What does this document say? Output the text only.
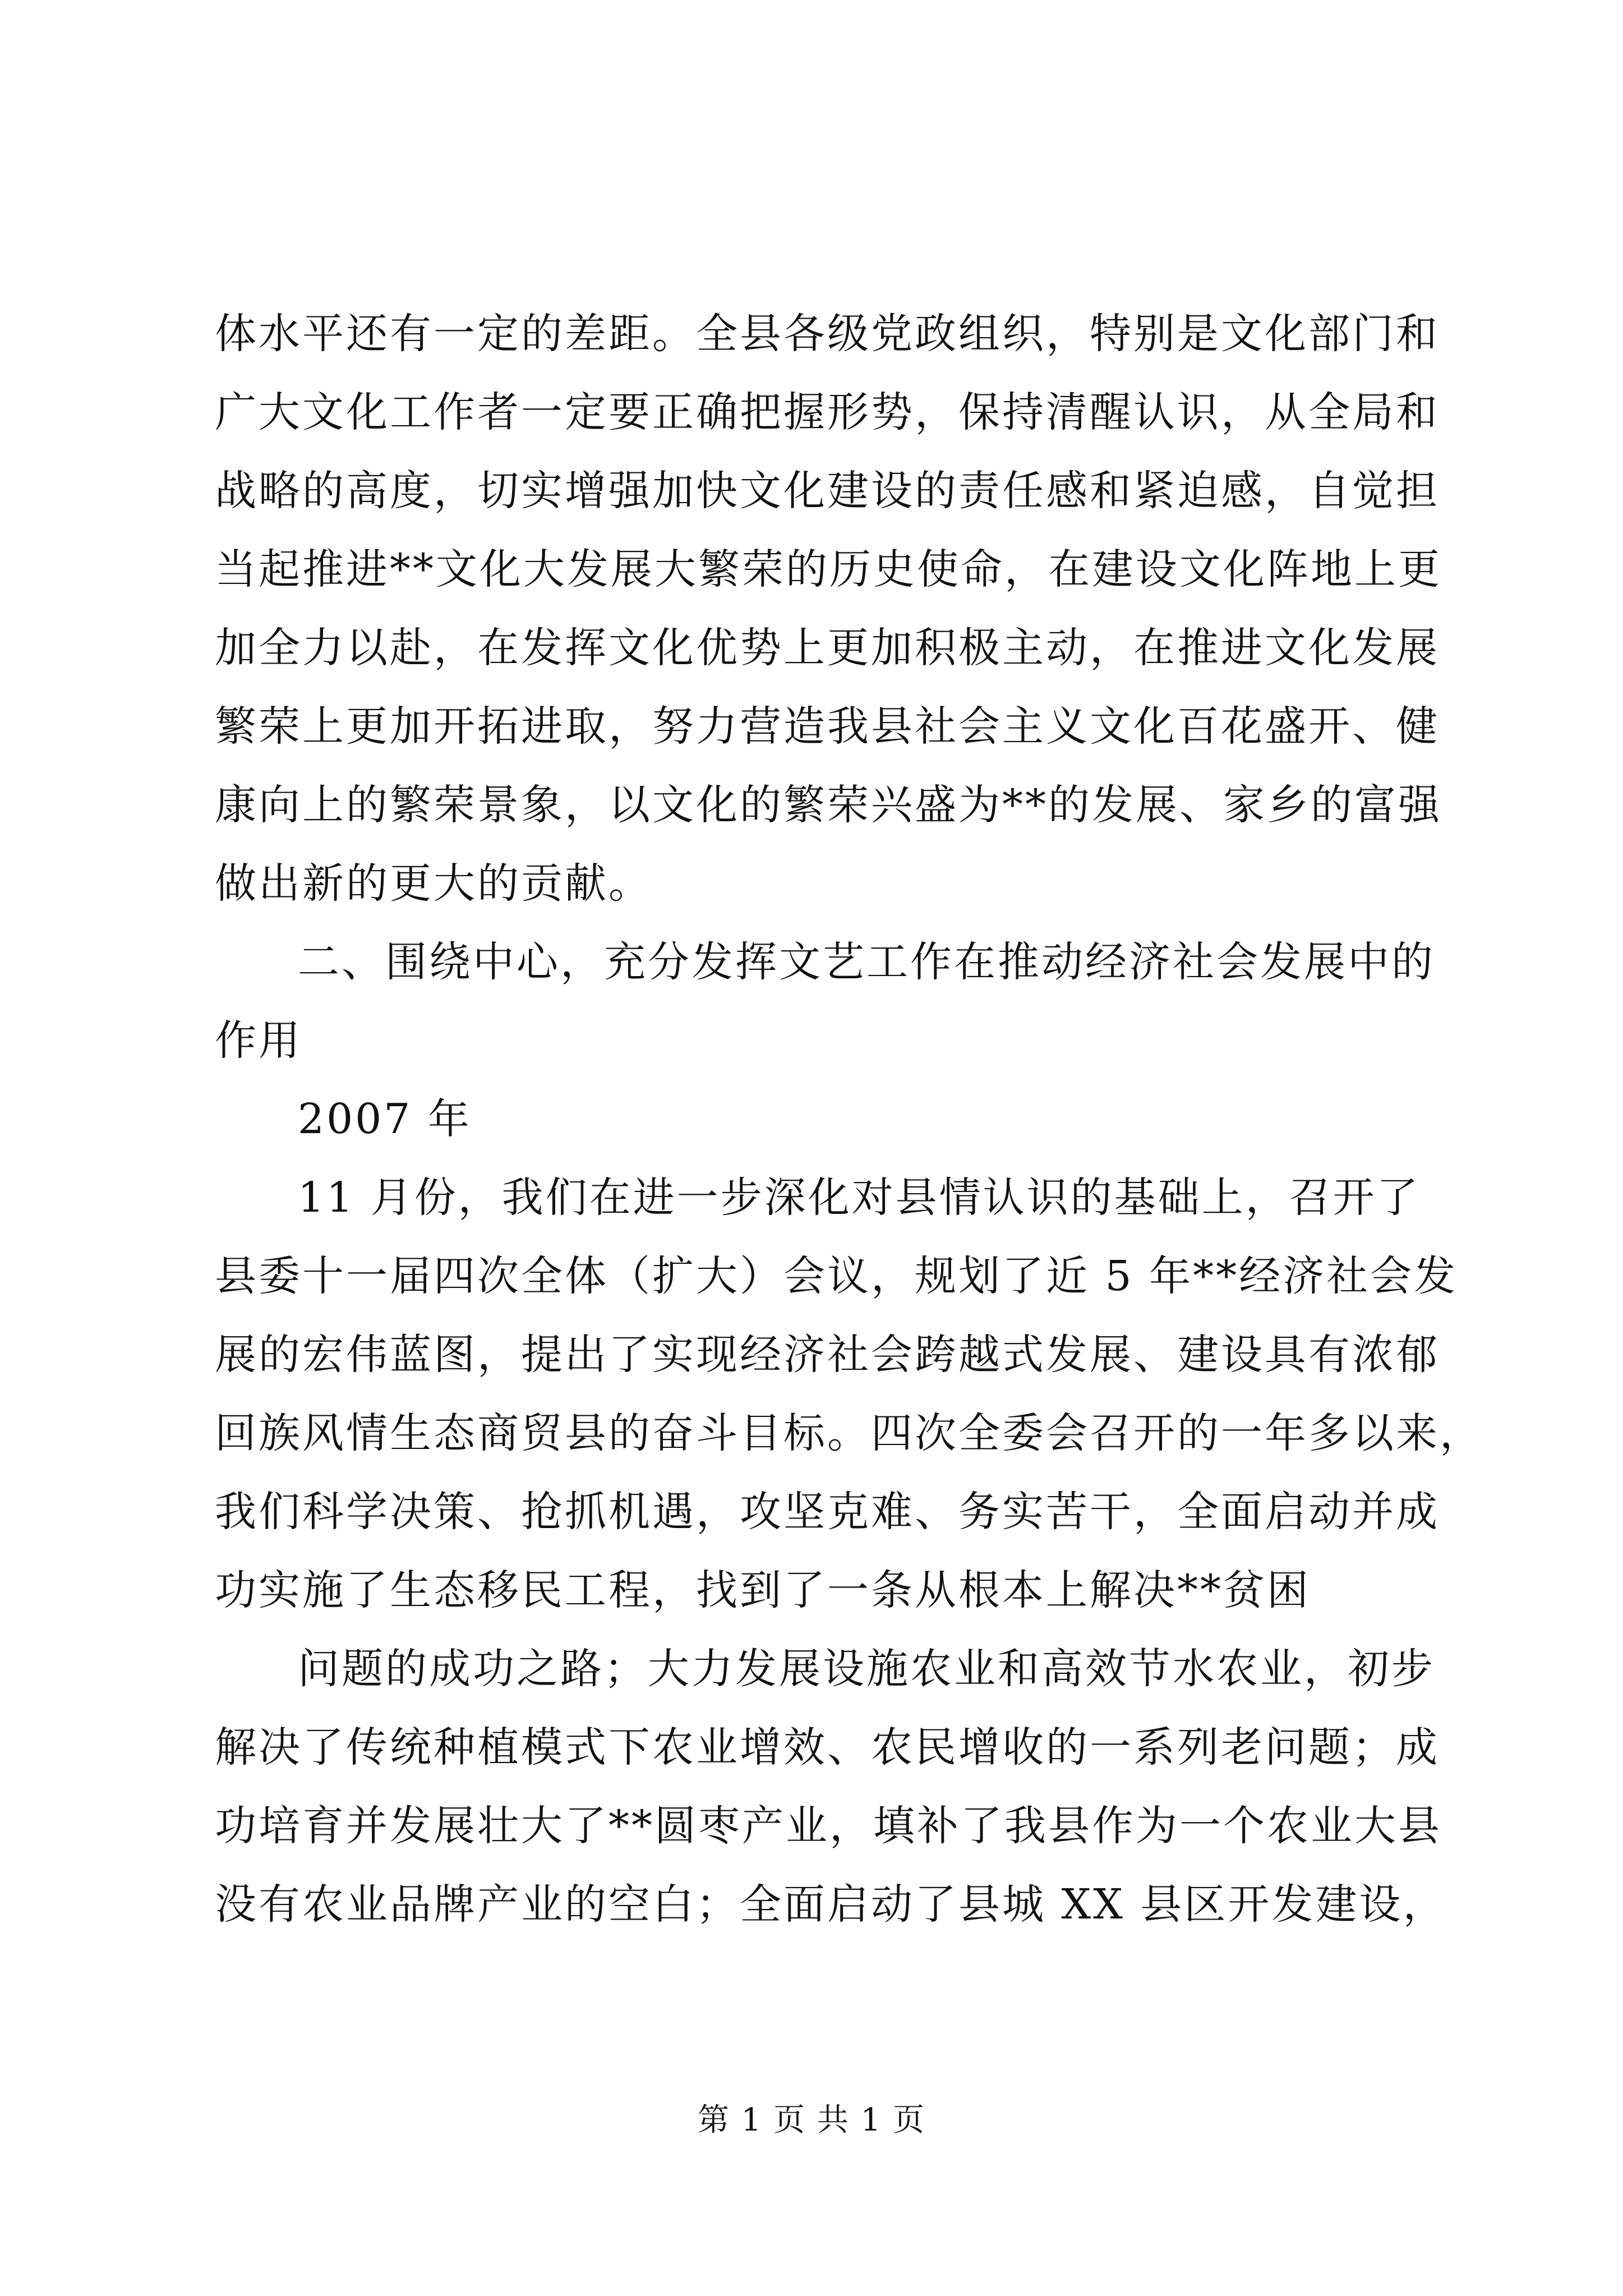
体水平还有一定的差距。全县各级党政组织，特别是文化部门和
广大文化工作者一定要正确把握形势，保持清醒认识，从全局和
战略的高度，切实增强加快文化建设的责任感和紧迫感，自觉担
当起推进**文化大发展大繁荣的历史使命，在建设文化阵地上更
加全力以赴，在发挥文化优势上更加积极主动，在推进文化发展
繁荣上更加开拓进取，努力营造我县社会主义文化百花盛开、健
康向上的繁荣景象，以文化的繁荣兴盛为**的发展、家乡的富强
做出新的更大的贡献。
二、围绕中心，充分发挥文艺工作在推动经济社会发展中的
作用
2007 年
11 月份，我们在进一步深化对县情认识的基础上，召开了
县委十一届四次全体（扩大）会议，规划了近 5 年**经济社会发
展的宏伟蓝图，提出了实现经济社会跨越式发展、建设具有浓郁
回族风情生态商贸县的奋斗目标。四次全委会召开的一年多以来，
我们科学决策、抢抓机遇，攻坚克难、务实苦干，全面启动并成
功实施了生态移民工程，找到了一条从根本上解决**贫困
问题的成功之路；大力发展设施农业和高效节水农业，初步
解决了传统种植模式下农业增效、农民增收的一系列老问题；成
功培育并发展壮大了**圆枣产业，填补了我县作为一个农业大县
没有农业品牌产业的空白；全面启动了县城 XX 县区开发建设，
第 1 页 共 1 页
